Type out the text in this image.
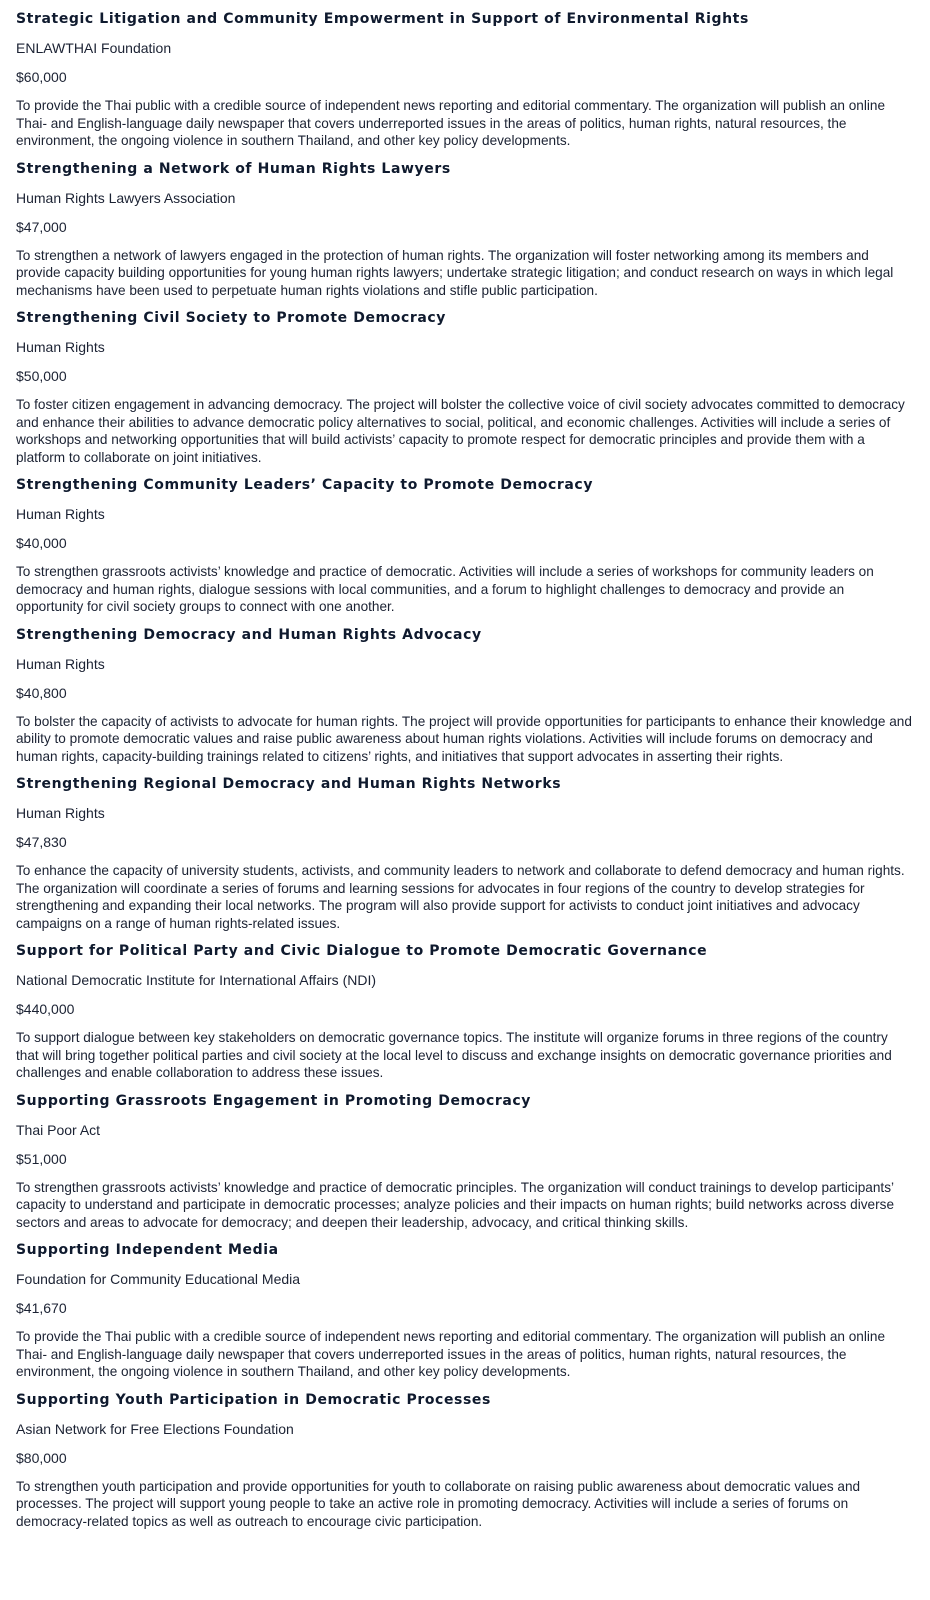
Strategic Litigation and Community Empowerment in Support of Environmental Rights
ENLAWTHAI Foundation
$60,000
To provide the Thai public with a credible source of independent news reporting and editorial commentary. The organization will publish an online Thai- and English-language daily newspaper that covers underreported issues in the areas of politics, human rights, natural resources, the environment, the ongoing violence in southern Thailand, and other key policy developments.
Strengthening a Network of Human Rights Lawyers
Human Rights Lawyers Association
$47,000
To strengthen a network of lawyers engaged in the protection of human rights. The organization will foster networking among its members and provide capacity building opportunities for young human rights lawyers; undertake strategic litigation; and conduct research on ways in which legal mechanisms have been used to perpetuate human rights violations and stifle public participation.
Strengthening Civil Society to Promote Democracy
Human Rights
$50,000
To foster citizen engagement in advancing democracy. The project will bolster the collective voice of civil society advocates committed to democracy and enhance their abilities to advance democratic policy alternatives to social, political, and economic challenges. Activities will include a series of workshops and networking opportunities that will build activists’ capacity to promote respect for democratic principles and provide them with a platform to collaborate on joint initiatives.
Strengthening Community Leaders’ Capacity to Promote Democracy
Human Rights
$40,000
To strengthen grassroots activists’ knowledge and practice of democratic. Activities will include a series of workshops for community leaders on democracy and human rights, dialogue sessions with local communities, and a forum to highlight challenges to democracy and provide an opportunity for civil society groups to connect with one another.
Strengthening Democracy and Human Rights Advocacy
Human Rights
$40,800
To bolster the capacity of activists to advocate for human rights. The project will provide opportunities for participants to enhance their knowledge and ability to promote democratic values and raise public awareness about human rights violations. Activities will include forums on democracy and human rights, capacity-building trainings related to citizens’ rights, and initiatives that support advocates in asserting their rights.
Strengthening Regional Democracy and Human Rights Networks
Human Rights
$47,830
To enhance the capacity of university students, activists, and community leaders to network and collaborate to defend democracy and human rights. The organization will coordinate a series of forums and learning sessions for advocates in four regions of the country to develop strategies for strengthening and expanding their local networks. The program will also provide support for activists to conduct joint initiatives and advocacy campaigns on a range of human rights-related issues.
Support for Political Party and Civic Dialogue to Promote Democratic Governance
National Democratic Institute for International Affairs (NDI)
$440,000
To support dialogue between key stakeholders on democratic governance topics. The institute will organize forums in three regions of the country that will bring together political parties and civil society at the local level to discuss and exchange insights on democratic governance priorities and challenges and enable collaboration to address these issues.
Supporting Grassroots Engagement in Promoting Democracy
Thai Poor Act
$51,000
To strengthen grassroots activists’ knowledge and practice of democratic principles. The organization will conduct trainings to develop participants’ capacity to understand and participate in democratic processes; analyze policies and their impacts on human rights; build networks across diverse sectors and areas to advocate for democracy; and deepen their leadership, advocacy, and critical thinking skills.
Supporting Independent Media
Foundation for Community Educational Media
$41,670
To provide the Thai public with a credible source of independent news reporting and editorial commentary. The organization will publish an online Thai- and English-language daily newspaper that covers underreported issues in the areas of politics, human rights, natural resources, the environment, the ongoing violence in southern Thailand, and other key policy developments.
Supporting Youth Participation in Democratic Processes
Asian Network for Free Elections Foundation
$80,000
To strengthen youth participation and provide opportunities for youth to collaborate on raising public awareness about democratic values and processes. The project will support young people to take an active role in promoting democracy. Activities will include a series of forums on democracy-related topics as well as outreach to encourage civic participation.
